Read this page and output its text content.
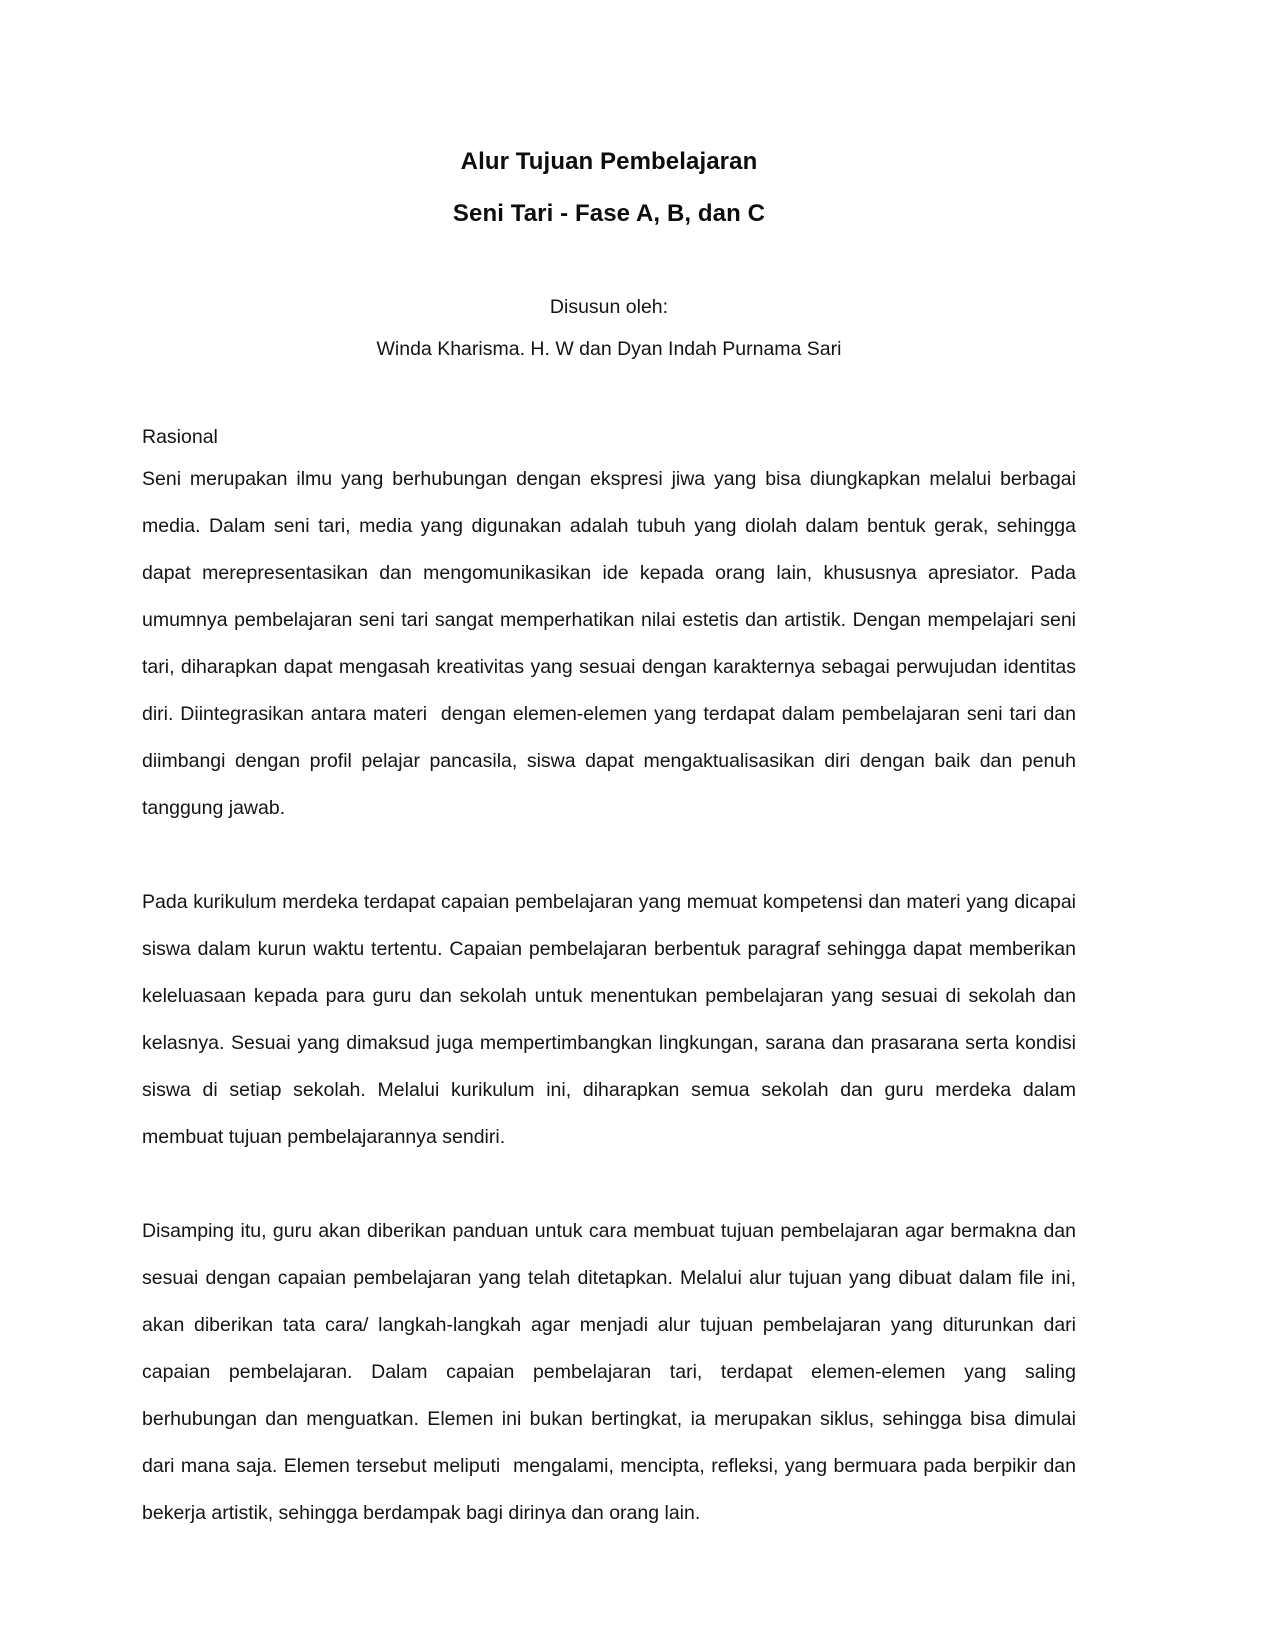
Alur Tujuan Pembelajaran
Seni Tari - Fase A, B, dan C
Disusun oleh:
Winda Kharisma. H. W dan Dyan Indah Purnama Sari
Rasional

Seni merupakan ilmu yang berhubungan dengan ekspresi jiwa yang bisa diungkapkan melalui berbagai media. Dalam seni tari, media yang digunakan adalah tubuh yang diolah dalam bentuk gerak, sehingga dapat merepresentasikan dan mengomunikasikan ide kepada orang lain, khususnya apresiator. Pada umumnya pembelajaran seni tari sangat memperhatikan nilai estetis dan artistik. Dengan mempelajari seni tari, diharapkan dapat mengasah kreativitas yang sesuai dengan karakternya sebagai perwujudan identitas diri. Diintegrasikan antara materi  dengan elemen-elemen yang terdapat dalam pembelajaran seni tari dan diimbangi dengan profil pelajar pancasila, siswa dapat mengaktualisasikan diri dengan baik dan penuh tanggung jawab.

Pada kurikulum merdeka terdapat capaian pembelajaran yang memuat kompetensi dan materi yang dicapai siswa dalam kurun waktu tertentu. Capaian pembelajaran berbentuk paragraf sehingga dapat memberikan keleluasaan kepada para guru dan sekolah untuk menentukan pembelajaran yang sesuai di sekolah dan kelasnya. Sesuai yang dimaksud juga mempertimbangkan lingkungan, sarana dan prasarana serta kondisi siswa di setiap sekolah. Melalui kurikulum ini, diharapkan semua sekolah dan guru merdeka dalam membuat tujuan pembelajarannya sendiri.

Disamping itu, guru akan diberikan panduan untuk cara membuat tujuan pembelajaran agar bermakna dan sesuai dengan capaian pembelajaran yang telah ditetapkan. Melalui alur tujuan yang dibuat dalam file ini, akan diberikan tata cara/ langkah-langkah agar menjadi alur tujuan pembelajaran yang diturunkan dari capaian pembelajaran. Dalam capaian pembelajaran tari, terdapat elemen-elemen yang saling berhubungan dan menguatkan. Elemen ini bukan bertingkat, ia merupakan siklus, sehingga bisa dimulai dari mana saja. Elemen tersebut meliputi  mengalami, mencipta, refleksi, yang bermuara pada berpikir dan bekerja artistik, sehingga berdampak bagi dirinya dan orang lain.
